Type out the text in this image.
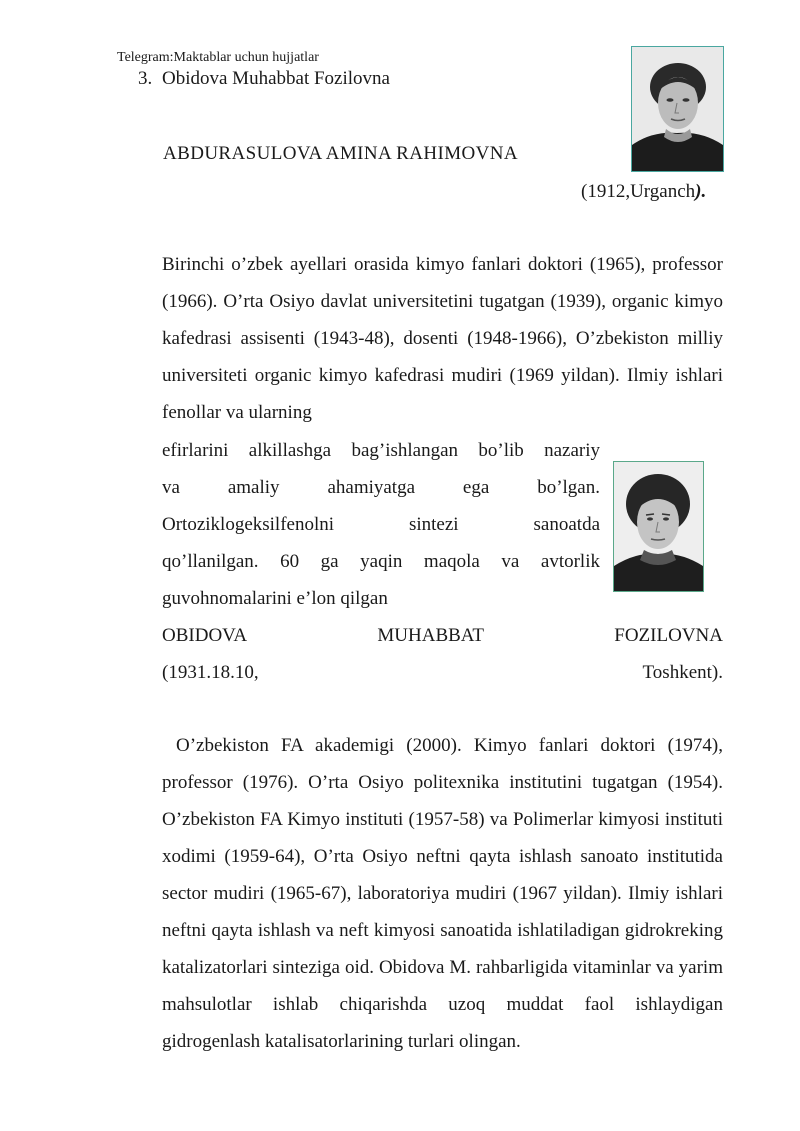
Telegram:Maktablar uchun hujjatlar
3. Obidova Muhabbat Fozilovna
ABDURASULOVA AMINA RAHIMOVNA
(1912,Urganch).
Birinchi o’zbek ayellari orasida kimyo fanlari doktori (1965), professor (1966). O’rta Osiyo davlat universitetini tugatgan (1939), organic kimyo kafedrasi assisenti (1943-48), dosenti (1948-1966), O’zbekiston milliy universiteti organic kimyo kafedrasi mudiri (1969 yildan). Ilmiy ishlari fenollar va ularning
efirlarini alkillashga bag’ishlangan bo’lib nazariy
va amaliy ahamiyatga ega bo’lgan.
Ortoziklogeksilfenolni sintezi sanoatda
qo’llanilgan. 60 ga yaqin maqola va avtorlik
guvohnomalarini e’lon qilgan
OBIDOVA	MUHABBAT	FOZILOVNA
(1931.18.10,	Toshkent).
O’zbekiston FA akademigi (2000). Kimyo fanlari doktori (1974), professor (1976). O’rta Osiyo politexnika institutini tugatgan (1954). O’zbekiston FA Kimyo instituti (1957-58) va Polimerlar kimyosi instituti xodimi (1959-64), O’rta Osiyo neftni qayta ishlash sanoato institutida sector mudiri (1965-67), laboratoriya mudiri (1967 yildan). Ilmiy ishlari neftni qayta ishlash va neft kimyosi sanoatida ishlatiladigan gidrokreking katalizatorlari sinteziga oid. Obidova M. rahbarligida vitaminlar va yarim mahsulotlar ishlab chiqarishda uzoq muddat faol ishlaydigan gidrogenlash katalisatorlarining turlari olingan.
